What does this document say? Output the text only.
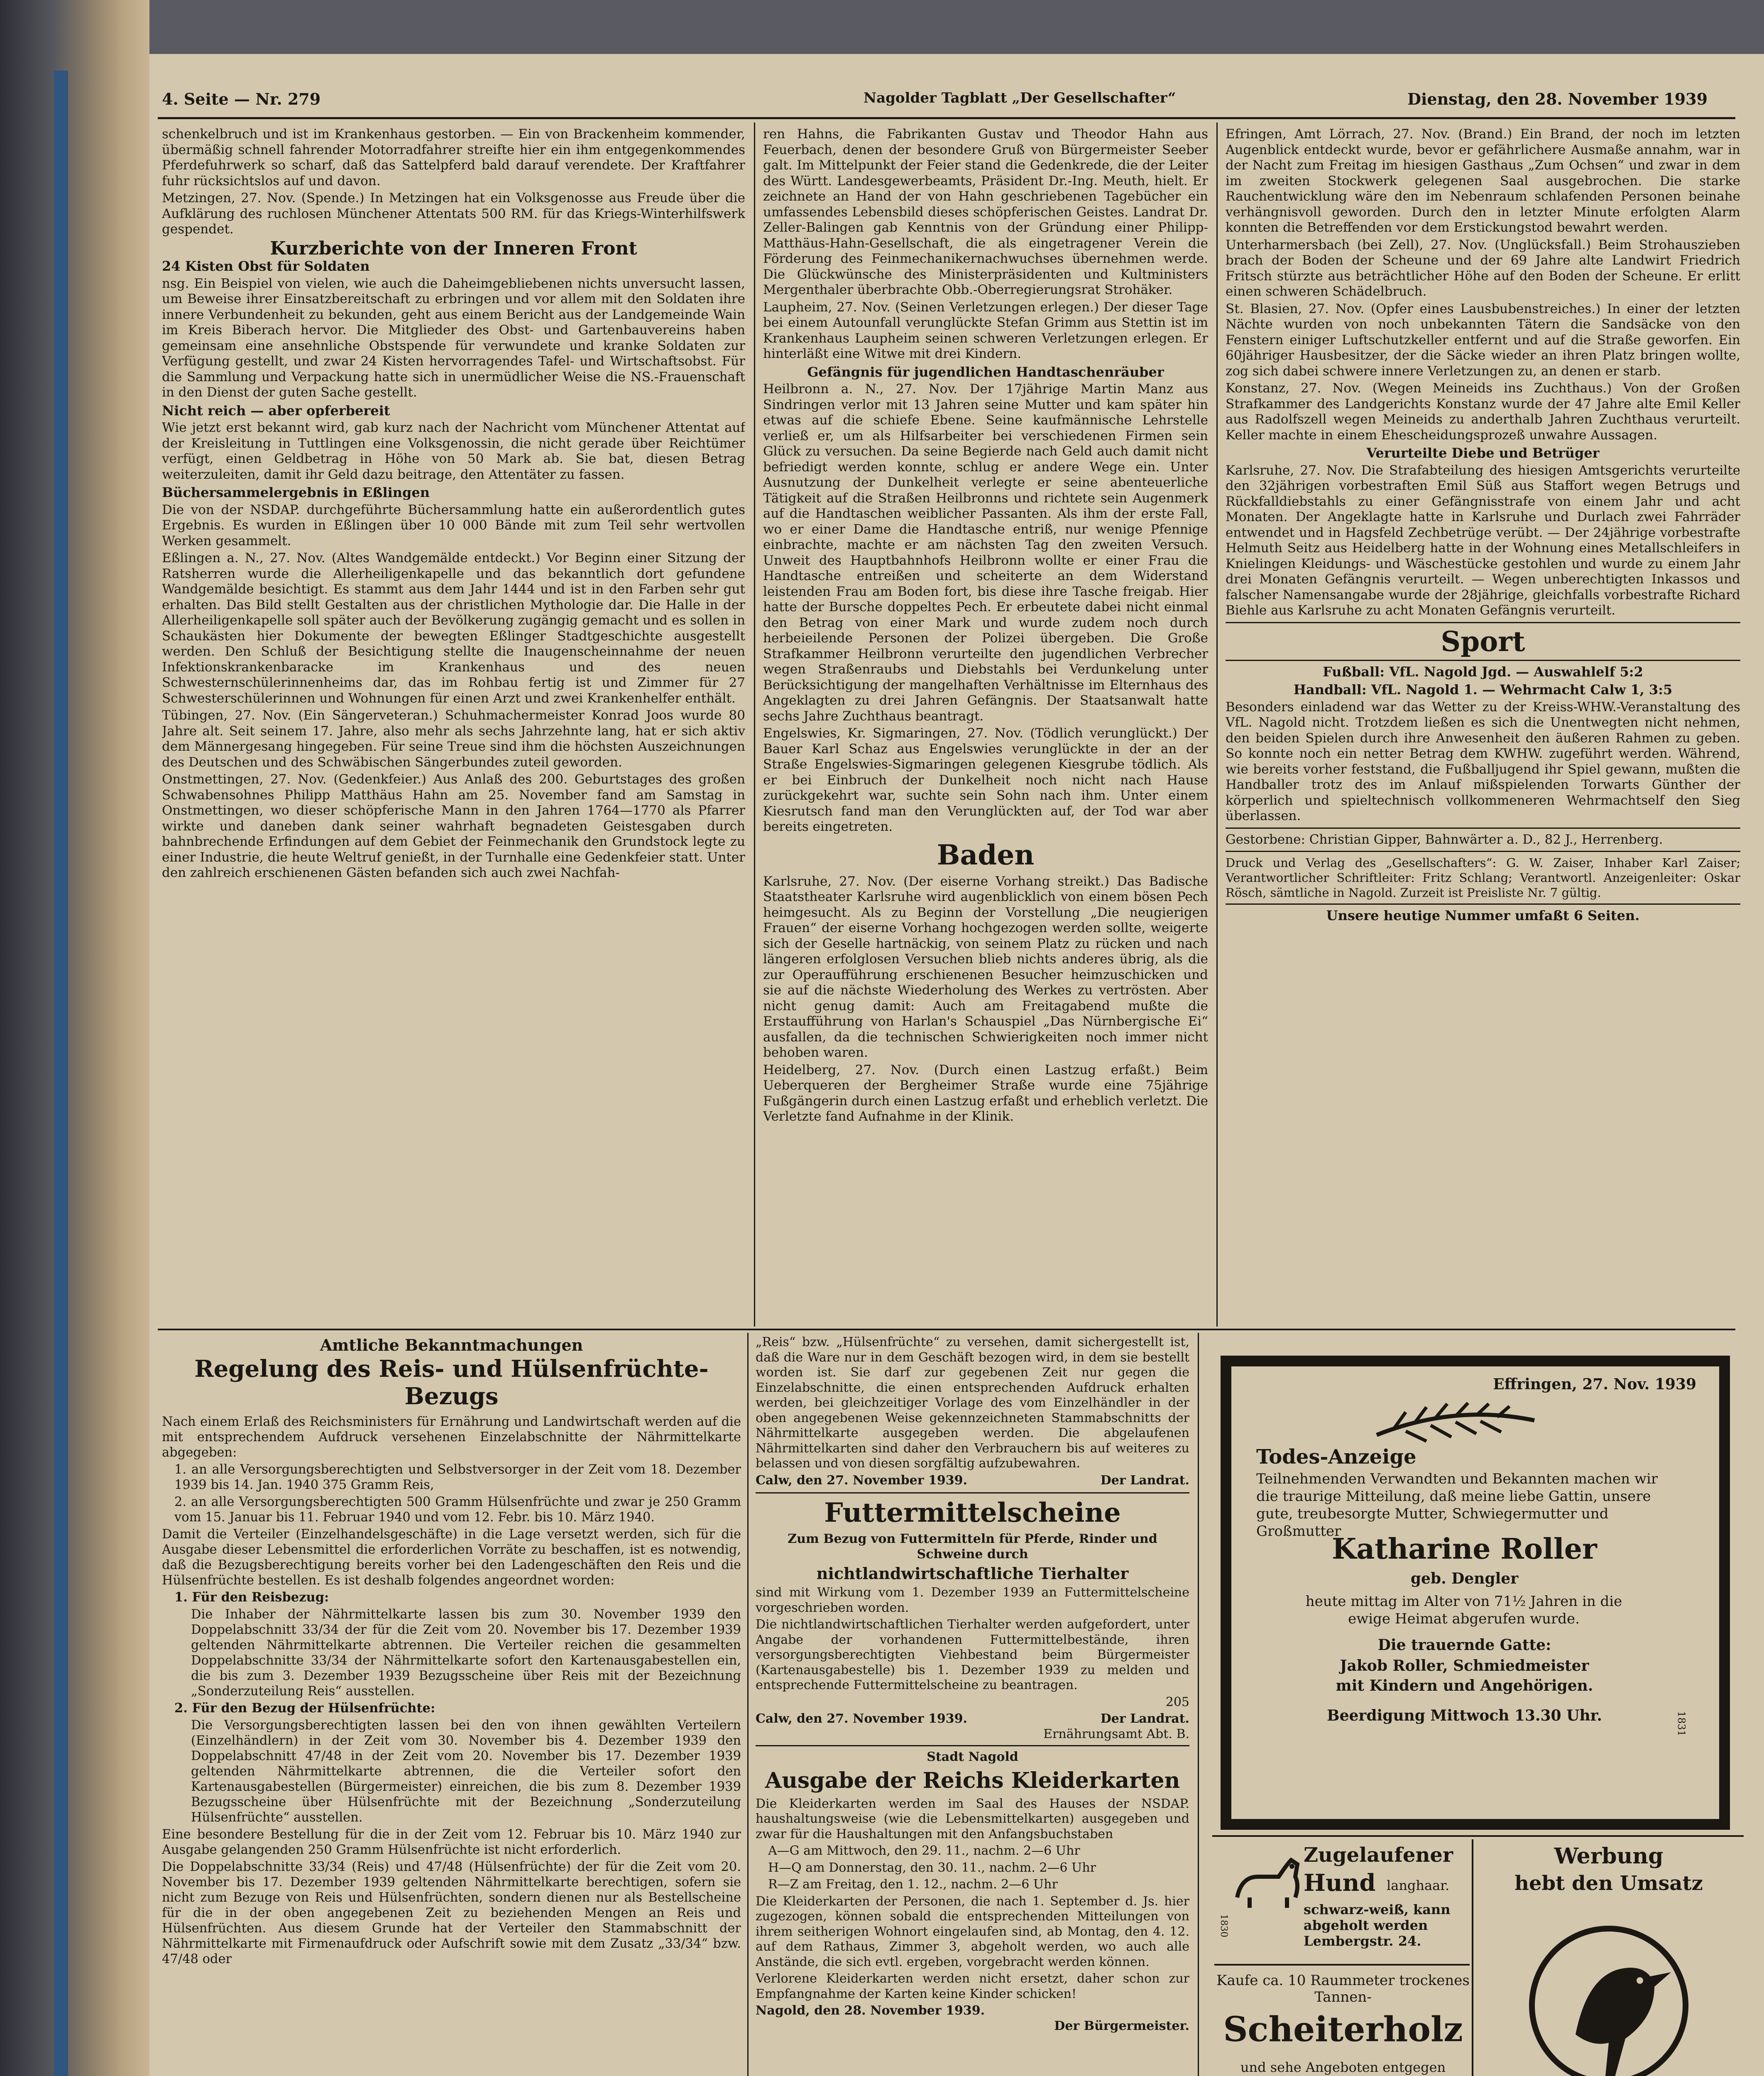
4. Seite — Nr. 279	Nagolder Tagblatt „Der Gesellschafter“	Dienstag, den 28. November 1939

schenkelbruch und ist im Krankenhaus gestorben. — Ein von Brackenheim kommender, übermäßig schnell fahrender Motorradfahrer streifte hier ein ihm entgegenkommendes Pferdefuhrwerk so scharf, daß das Sattelpferd bald darauf verendete. Der Kraftfahrer fuhr rücksichtslos auf und davon.

Metzingen, 27. Nov. (Spende.) In Metzingen hat ein Volksgenosse aus Freude über die Aufklärung des ruchlosen Münchener Attentats 500 RM. für das Kriegs-Winterhilfswerk gespendet.

Kurzberichte von der Inneren Front
24 Kisten Obst für Soldaten

nsg. Ein Beispiel von vielen, wie auch die Daheimgebliebenen nichts unversucht lassen, um Beweise ihrer Einsatzbereitschaft zu erbringen und vor allem mit den Soldaten ihre innere Verbundenheit zu bekunden, geht aus einem Bericht aus der Landgemeinde Wain im Kreis Biberach hervor. Die Mitglieder des Obst- und Gartenbauvereins haben gemeinsam eine ansehnliche Obstspende für verwundete und kranke Soldaten zur Verfügung gestellt, und zwar 24 Kisten hervorragendes Tafel- und Wirtschaftsobst. Für die Sammlung und Verpackung hatte sich in unermüdlicher Weise die NS.-Frauenschaft in den Dienst der guten Sache gestellt.

Nicht reich — aber opferbereit

Wie jetzt erst bekannt wird, gab kurz nach der Nachricht vom Münchener Attentat auf der Kreisleitung in Tuttlingen eine Volksgenossin, die nicht gerade über Reichtümer verfügt, einen Geldbetrag in Höhe von 50 Mark ab. Sie bat, diesen Betrag weiterzuleiten, damit ihr Geld dazu beitrage, den Attentäter zu fassen.

Büchersammelergebnis in Eßlingen

Die von der NSDAP. durchgeführte Büchersammlung hatte ein außerordentlich gutes Ergebnis. Es wurden in Eßlingen über 10 000 Bände mit zum Teil sehr wertvollen Werken gesammelt.

Eßlingen a. N., 27. Nov. (Altes Wandgemälde entdeckt.) Vor Beginn einer Sitzung der Ratsherren wurde die Allerheiligenkapelle und das bekanntlich dort gefundene Wandgemälde besichtigt. Es stammt aus dem Jahr 1444 und ist in den Farben sehr gut erhalten. Das Bild stellt Gestalten aus der christlichen Mythologie dar. Die Halle in der Allerheiligenkapelle soll später auch der Bevölkerung zugängig gemacht und es sollen in Schaukästen hier Dokumente der bewegten Eßlinger Stadtgeschichte ausgestellt werden. Den Schluß der Besichtigung stellte die Inaugenscheinnahme der neuen Infektionskrankenbaracke im Krankenhaus und des neuen Schwesternschülerinnenheims dar, das im Rohbau fertig ist und Zimmer für 27 Schwesterschülerinnen und Wohnungen für einen Arzt und zwei Krankenhelfer enthält.

Tübingen, 27. Nov. (Ein Sängerveteran.) Schuhmachermeister Konrad Joos wurde 80 Jahre alt. Seit seinem 17. Jahre, also mehr als sechs Jahrzehnte lang, hat er sich aktiv dem Männergesang hingegeben. Für seine Treue sind ihm die höchsten Auszeichnungen des Deutschen und des Schwäbischen Sängerbundes zuteil geworden.

Onstmettingen, 27. Nov. (Gedenkfeier.) Aus Anlaß des 200. Geburtstages des großen Schwabensohnes Philipp Matthäus Hahn am 25. November fand am Samstag in Onstmettingen, wo dieser schöpferische Mann in den Jahren 1764—1770 als Pfarrer wirkte und daneben dank seiner wahrhaft begnadeten Geistesgaben durch bahnbrechende Erfindungen auf dem Gebiet der Feinmechanik den Grundstock legte zu einer Industrie, die heute Weltruf genießt, in der Turnhalle eine Gedenkfeier statt. Unter den zahlreich erschienenen Gästen befanden sich auch zwei Nachfah-

ren Hahns, die Fabrikanten Gustav und Theodor Hahn aus Feuerbach, denen der besondere Gruß von Bürgermeister Seeber galt. Im Mittelpunkt der Feier stand die Gedenkrede, die der Leiter des Württ. Landesgewerbeamts, Präsident Dr.-Ing. Meuth, hielt. Er zeichnete an Hand der von Hahn geschriebenen Tagebücher ein umfassendes Lebensbild dieses schöpferischen Geistes. Landrat Dr. Zeller-Balingen gab Kenntnis von der Gründung einer Philipp-Matthäus-Hahn-Gesellschaft, die als eingetragener Verein die Förderung des Feinmechanikernachwuchses übernehmen werde. Die Glückwünsche des Ministerpräsidenten und Kultministers Mergenthaler überbrachte Obb.-Oberregierungsrat Strohäker.

Laupheim, 27. Nov. (Seinen Verletzungen erlegen.) Der dieser Tage bei einem Autounfall verunglückte Stefan Grimm aus Stettin ist im Krankenhaus Laupheim seinen schweren Verletzungen erlegen. Er hinterläßt eine Witwe mit drei Kindern.

Gefängnis für jugendlichen Handtaschenräuber

Heilbronn a. N., 27. Nov. Der 17jährige Martin Manz aus Sindringen verlor mit 13 Jahren seine Mutter und kam später hin etwas auf die schiefe Ebene. Seine kaufmännische Lehrstelle verließ er, um als Hilfsarbeiter bei verschiedenen Firmen sein Glück zu versuchen. Da seine Begierde nach Geld auch damit nicht befriedigt werden konnte, schlug er andere Wege ein. Unter Ausnutzung der Dunkelheit verlegte er seine abenteuerliche Tätigkeit auf die Straßen Heilbronns und richtete sein Augenmerk auf die Handtaschen weiblicher Passanten. Als ihm der erste Fall, wo er einer Dame die Handtasche entriß, nur wenige Pfennige einbrachte, machte er am nächsten Tag den zweiten Versuch. Unweit des Hauptbahnhofs Heilbronn wollte er einer Frau die Handtasche entreißen und scheiterte an dem Widerstand leistenden Frau am Boden fort, bis diese ihre Tasche freigab. Hier hatte der Bursche doppeltes Pech. Er erbeutete dabei nicht einmal den Betrag von einer Mark und wurde zudem noch durch herbeieilende Personen der Polizei übergeben. Die Große Strafkammer Heilbronn verurteilte den jugendlichen Verbrecher wegen Straßenraubs und Diebstahls bei Verdunkelung unter Berücksichtigung der mangelhaften Verhältnisse im Elternhaus des Angeklagten zu drei Jahren Gefängnis. Der Staatsanwalt hatte sechs Jahre Zuchthaus beantragt.

Engelswies, Kr. Sigmaringen, 27. Nov. (Tödlich verunglückt.) Der Bauer Karl Schaz aus Engelswies verunglückte in der an der Straße Engelswies-Sigmaringen gelegenen Kiesgrube tödlich. Als er bei Einbruch der Dunkelheit noch nicht nach Hause zurückgekehrt war, suchte sein Sohn nach ihm. Unter einem Kiesrutsch fand man den Verunglückten auf, der Tod war aber bereits eingetreten.

Baden

Karlsruhe, 27. Nov. (Der eiserne Vorhang streikt.) Das Badische Staatstheater Karlsruhe wird augenblicklich von einem bösen Pech heimgesucht. Als zu Beginn der Vorstellung „Die neugierigen Frauen“ der eiserne Vorhang hochgezogen werden sollte, weigerte sich der Geselle hartnäckig, von seinem Platz zu rücken und nach längeren erfolglosen Versuchen blieb nichts anderes übrig, als die zur Operaufführung erschienenen Besucher heimzuschicken und sie auf die nächste Wiederholung des Werkes zu vertrösten. Aber nicht genug damit: Auch am Freitagabend mußte die Erstaufführung von Harlan's Schauspiel „Das Nürnbergische Ei“ ausfallen, da die technischen Schwierigkeiten noch immer nicht behoben waren.

Heidelberg, 27. Nov. (Durch einen Lastzug erfaßt.) Beim Ueberqueren der Bergheimer Straße wurde eine 75jährige Fußgängerin durch einen Lastzug erfaßt und erheblich verletzt. Die Verletzte fand Aufnahme in der Klinik.

Efringen, Amt Lörrach, 27. Nov. (Brand.) Ein Brand, der noch im letzten Augenblick entdeckt wurde, bevor er gefährlichere Ausmaße annahm, war in der Nacht zum Freitag im hiesigen Gasthaus „Zum Ochsen“ und zwar in dem im zweiten Stockwerk gelegenen Saal ausgebrochen. Die starke Rauchentwicklung wäre den im Nebenraum schlafenden Personen beinahe verhängnisvoll geworden. Durch den in letzter Minute erfolgten Alarm konnten die Betreffenden vor dem Erstickungstod bewahrt werden.

Unterharmersbach (bei Zell), 27. Nov. (Unglücksfall.) Beim Strohauszieben brach der Boden der Scheune und der 69 Jahre alte Landwirt Friedrich Fritsch stürzte aus beträchtlicher Höhe auf den Boden der Scheune. Er erlitt einen schweren Schädelbruch.

St. Blasien, 27. Nov. (Opfer eines Lausbubenstreiches.) In einer der letzten Nächte wurden von noch unbekannten Tätern die Sandsäcke von den Fenstern einiger Luftschutzkeller entfernt und auf die Straße geworfen. Ein 60jähriger Hausbesitzer, der die Säcke wieder an ihren Platz bringen wollte, zog sich dabei schwere innere Verletzungen zu, an denen er starb.

Konstanz, 27. Nov. (Wegen Meineids ins Zuchthaus.) Von der Großen Strafkammer des Landgerichts Konstanz wurde der 47 Jahre alte Emil Keller aus Radolfszell wegen Meineids zu anderthalb Jahren Zuchthaus verurteilt. Keller machte in einem Ehescheidungsprozeß unwahre Aussagen.

Verurteilte Diebe und Betrüger

Karlsruhe, 27. Nov. Die Strafabteilung des hiesigen Amtsgerichts verurteilte den 32jährigen vorbestraften Emil Süß aus Staffort wegen Betrugs und Rückfalldiebstahls zu einer Gefängnisstrafe von einem Jahr und acht Monaten. Der Angeklagte hatte in Karlsruhe und Durlach zwei Fahrräder entwendet und in Hagsfeld Zechbetrüge verübt. — Der 24jährige vorbestrafte Helmuth Seitz aus Heidelberg hatte in der Wohnung eines Metallschleifers in Knielingen Kleidungs- und Wäschestücke gestohlen und wurde zu einem Jahr drei Monaten Gefängnis verurteilt. — Wegen unberechtigten Inkassos und falscher Namensangabe wurde der 28jährige, gleichfalls vorbestrafte Richard Biehle aus Karlsruhe zu acht Monaten Gefängnis verurteilt.

Sport
Fußball: VfL. Nagold Jgd. — Auswahlelf 5:2
Handball: VfL. Nagold 1. — Wehrmacht Calw 1, 3:5

Besonders einladend war das Wetter zu der Kreiss-WHW.-Veranstaltung des VfL. Nagold nicht. Trotzdem ließen es sich die Unentwegten nicht nehmen, den beiden Spielen durch ihre Anwesenheit den äußeren Rahmen zu geben. So konnte noch ein netter Betrag dem KWHW. zugeführt werden. Während, wie bereits vorher feststand, die Fußballjugend ihr Spiel gewann, mußten die Handballer trotz des im Anlauf mißspielenden Torwarts Günther der körperlich und spieltechnisch vollkommeneren Wehrmachtself den Sieg überlassen.

Gestorbene: Christian Gipper, Bahnwärter a. D., 82 J., Herrenberg.

Druck und Verlag des „Gesellschafters“: G. W. Zaiser, Inhaber Karl Zaiser; Verantwortlicher Schriftleiter: Fritz Schlang; Verantwortl. Anzeigenleiter: Oskar Rösch, sämtliche in Nagold. Zurzeit ist Preisliste Nr. 7 gültig.

Unsere heutige Nummer umfaßt 6 Seiten.
Amtliche Bekanntmachungen
Regelung des Reis- und Hülsenfrüchte-Bezugs

Nach einem Erlaß des Reichsministers für Ernährung und Landwirtschaft werden auf die mit entsprechendem Aufdruck versehenen Einzelabschnitte der Nährmittelkarte abgegeben:

1. an alle Versorgungsberechtigten und Selbstversorger in der Zeit vom 18. Dezember 1939 bis 14. Jan. 1940 375 Gramm Reis,

2. an alle Versorgungsberechtigten 500 Gramm Hülsenfrüchte und zwar je 250 Gramm vom 15. Januar bis 11. Februar 1940 und vom 12. Febr. bis 10. März 1940.

Damit die Verteiler (Einzelhandelsgeschäfte) in die Lage versetzt werden, sich für die Ausgabe dieser Lebensmittel die erforderlichen Vorräte zu beschaffen, ist es notwendig, daß die Bezugsberechtigung bereits vorher bei den Ladengeschäften den Reis und die Hülsenfrüchte bestellen. Es ist deshalb folgendes angeordnet worden:

1. Für den Reisbezug:

Die Inhaber der Nährmittelkarte lassen bis zum 30. November 1939 den Doppelabschnitt 33/34 der für die Zeit vom 20. November bis 17. Dezember 1939 geltenden Nährmittelkarte abtrennen. Die Verteiler reichen die gesammelten Doppelabschnitte 33/34 der Nährmittelkarte sofort den Kartenausgabestellen ein, die bis zum 3. Dezember 1939 Bezugsscheine über Reis mit der Bezeichnung „Sonderzuteilung Reis“ ausstellen.

2. Für den Bezug der Hülsenfrüchte:

Die Versorgungsberechtigten lassen bei den von ihnen gewählten Verteilern (Einzelhändlern) in der Zeit vom 30. November bis 4. Dezember 1939 den Doppelabschnitt 47/48 in der Zeit vom 20. November bis 17. Dezember 1939 geltenden Nährmittelkarte abtrennen, die die Verteiler sofort den Kartenausgabestellen (Bürgermeister) einreichen, die bis zum 8. Dezember 1939 Bezugsscheine über Hülsenfrüchte mit der Bezeichnung „Sonderzuteilung Hülsenfrüchte“ ausstellen.

Eine besondere Bestellung für die in der Zeit vom 12. Februar bis 10. März 1940 zur Ausgabe gelangenden 250 Gramm Hülsenfrüchte ist nicht erforderlich.

Die Doppelabschnitte 33/34 (Reis) und 47/48 (Hülsenfrüchte) der für die Zeit vom 20. November bis 17. Dezember 1939 geltenden Nährmittelkarte berechtigen, sofern sie nicht zum Bezuge von Reis und Hülsenfrüchten, sondern dienen nur als Bestellscheine für die in der oben angegebenen Zeit zu beziehenden Mengen an Reis und Hülsenfrüchten. Aus diesem Grunde hat der Verteiler den Stammabschnitt der Nährmittelkarte mit Firmenaufdruck oder Aufschrift sowie mit dem Zusatz „33/34“ bzw. 47/48 oder

„Reis“ bzw. „Hülsenfrüchte“ zu versehen, damit sichergestellt ist, daß die Ware nur in dem Geschäft bezogen wird, in dem sie bestellt worden ist. Sie darf zur gegebenen Zeit nur gegen die Einzelabschnitte, die einen entsprechenden Aufdruck erhalten werden, bei gleichzeitiger Vorlage des vom Einzelhändler in der oben angegebenen Weise gekennzeichneten Stammabschnitts der Nährmittelkarte ausgegeben werden. Die abgelaufenen Nährmittelkarten sind daher den Verbrauchern bis auf weiteres zu belassen und von diesen sorgfältig aufzubewahren.

Calw, den 27. November 1939.	Der Landrat.
Futtermittelscheine

Zum Bezug von Futtermitteln für Pferde, Rinder und Schweine durch

nichtlandwirtschaftliche Tierhalter

sind mit Wirkung vom 1. Dezember 1939 an Futtermittelscheine vorgeschrieben worden.

Die nichtlandwirtschaftlichen Tierhalter werden aufgefordert, unter Angabe der vorhandenen Futtermittelbestände, ihren versorgungsberechtigten Viehbestand beim Bürgermeister (Kartenausgabestelle) bis 1. Dezember 1939 zu melden und entsprechende Futtermittelscheine zu beantragen.

205

Calw, den 27. November 1939.	Der Landrat.

Ernährungsamt Abt. B.

Stadt Nagold

Ausgabe der Reichs Kleiderkarten

Die Kleiderkarten werden im Saal des Hauses der NSDAP. haushaltungsweise (wie die Lebensmittelkarten) ausgegeben und zwar für die Haushaltungen mit den Anfangsbuchstaben

A—G am Mittwoch, den 29. 11., nachm. 2—6 Uhr

H—Q am Donnerstag, den 30. 11., nachm. 2—6 Uhr

R—Z am Freitag, den 1. 12., nachm. 2—6 Uhr

Die Kleiderkarten der Personen, die nach 1. September d. Js. hier zugezogen, können sobald die entsprechenden Mitteilungen von ihrem seitherigen Wohnort eingelaufen sind, ab Montag, den 4. 12. auf dem Rathaus, Zimmer 3, abgeholt werden, wo auch alle Anstände, die sich evtl. ergeben, vorgebracht werden können.

Verlorene Kleiderkarten werden nicht ersetzt, daher schon zur Empfangnahme der Karten keine Kinder schicken!

Nagold, den 28. November 1939.

Der Bürgermeister.

Effringen, 27. Nov. 1939
Todes-Anzeige
Teilnehmenden Verwandten und Bekannten machen wir die traurige Mitteilung, daß meine liebe Gattin, unsere gute, treubesorgte Mutter, Schwiegermutter und Großmutter
Katharine Roller
geb. Dengler
heute mittag im Alter von 71½ Jahren in die ewige Heimat abgerufen wurde.
Die trauernde Gatte:
Jakob Roller, Schmiedmeister
mit Kindern und Angehörigen.
Beerdigung Mittwoch 13.30 Uhr.	1831
Zugelaufener
Hund langhaar.
schwarz-weiß, kann abgeholt werden Lembergstr. 24.
1830
Kaufe ca. 10 Raummeter trockenes Tannen-
Scheiterholz
und sehe Angeboten entgegen
Werbung
hebt den Umsatz
